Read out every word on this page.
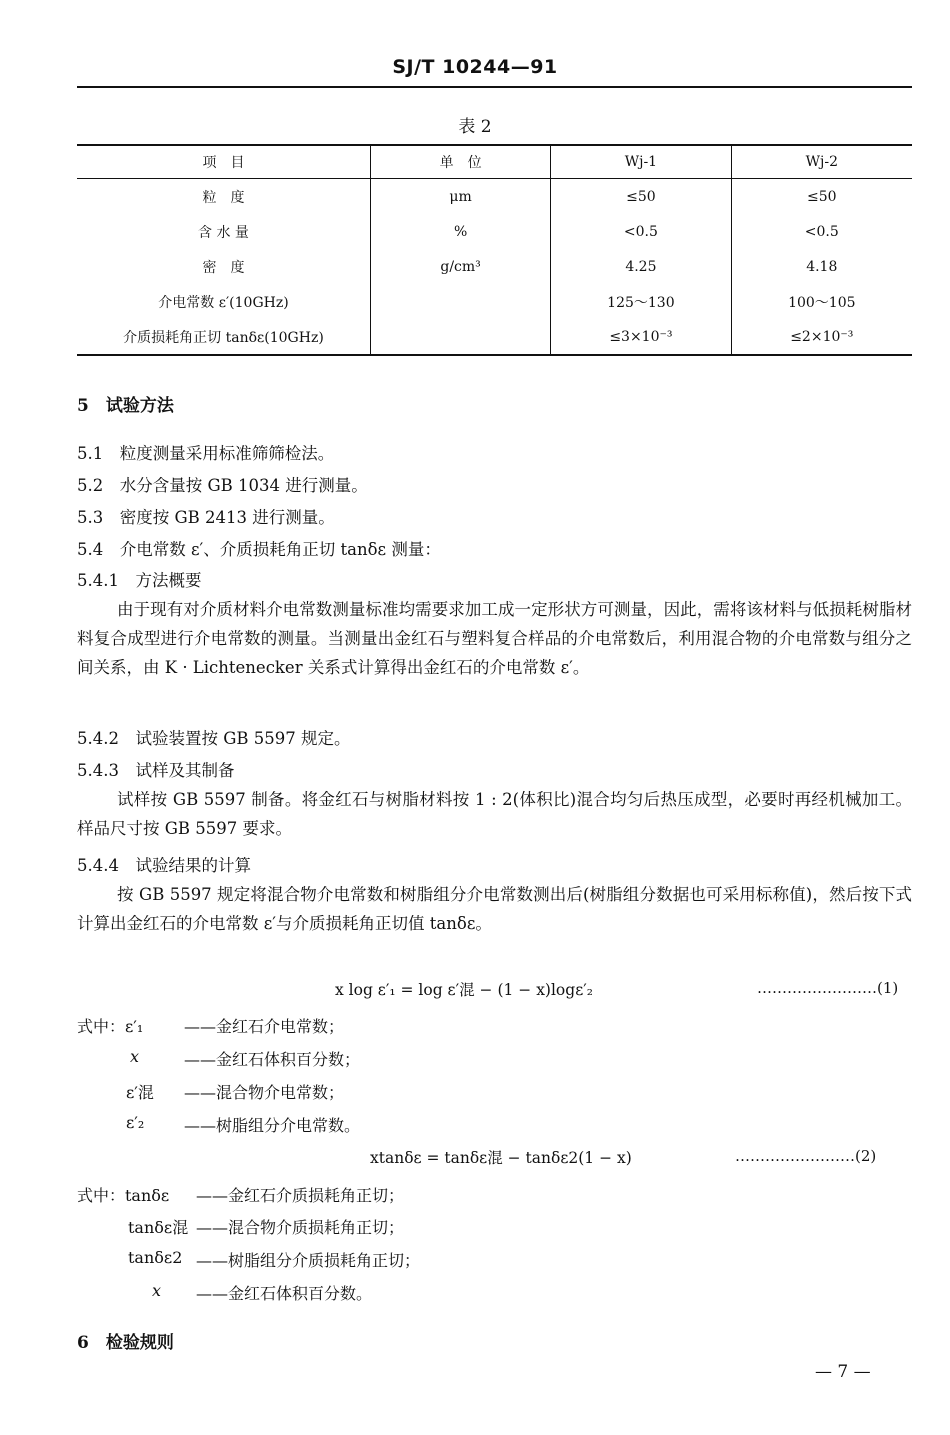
SJ/T 10244—91
表 2
项　目	单　位	Wj-1	Wj-2
粒　度	μm	≤50	≤50
含 水 量	%	<0.5	<0.5
密　度	g/cm³	4.25	4.18
介电常数 ε′(10GHz)		125～130	100～105
介质损耗角正切 tanδε(10GHz)		≤3×10⁻³	≤2×10⁻³
5　试验方法
5.1　粒度测量采用标准筛筛检法。
5.2　水分含量按 GB 1034 进行测量。
5.3　密度按 GB 2413 进行测量。
5.4　介电常数 ε′、介质损耗角正切 tanδε 测量：
5.4.1　方法概要
由于现有对介质材料介电常数测量标准均需要求加工成一定形状方可测量，因此，需将该材料与低损耗树脂材料复合成型进行介电常数的测量。当测量出金红石与塑料复合样品的介电常数后，利用混合物的介电常数与组分之间关系，由 K · Lichtenecker 关系式计算得出金红石的介电常数 ε′。
5.4.2　试验装置按 GB 5597 规定。
5.4.3　试样及其制备
试样按 GB 5597 制备。将金红石与树脂材料按 1 : 2(体积比)混合均匀后热压成型，必要时再经机械加工。样品尺寸按 GB 5597 要求。
5.4.4　试验结果的计算
按 GB 5597 规定将混合物介电常数和树脂组分介电常数测出后(树脂组分数据也可采用标称值)，然后按下式计算出金红石的介电常数 ε′与介质损耗角正切值 tanδε。
x log ε′₁ = log ε′混 − (1 − x)logε′₂	……………………(1)
式中：ε′₁	——金红石介电常数；
x	——金红石体积百分数；
ε′混 ——混合物介电常数；
ε′₂ ——树脂组分介电常数。
xtanδε = tanδε混 − tanδε2(1 − x)	……………………(2)
式中：tanδε ——金红石介质损耗角正切；
tanδε混 ——混合物介质损耗角正切；
tanδε2 ——树脂组分介质损耗角正切；
x ——金红石体积百分数。
6　检验规则
— 7 —
